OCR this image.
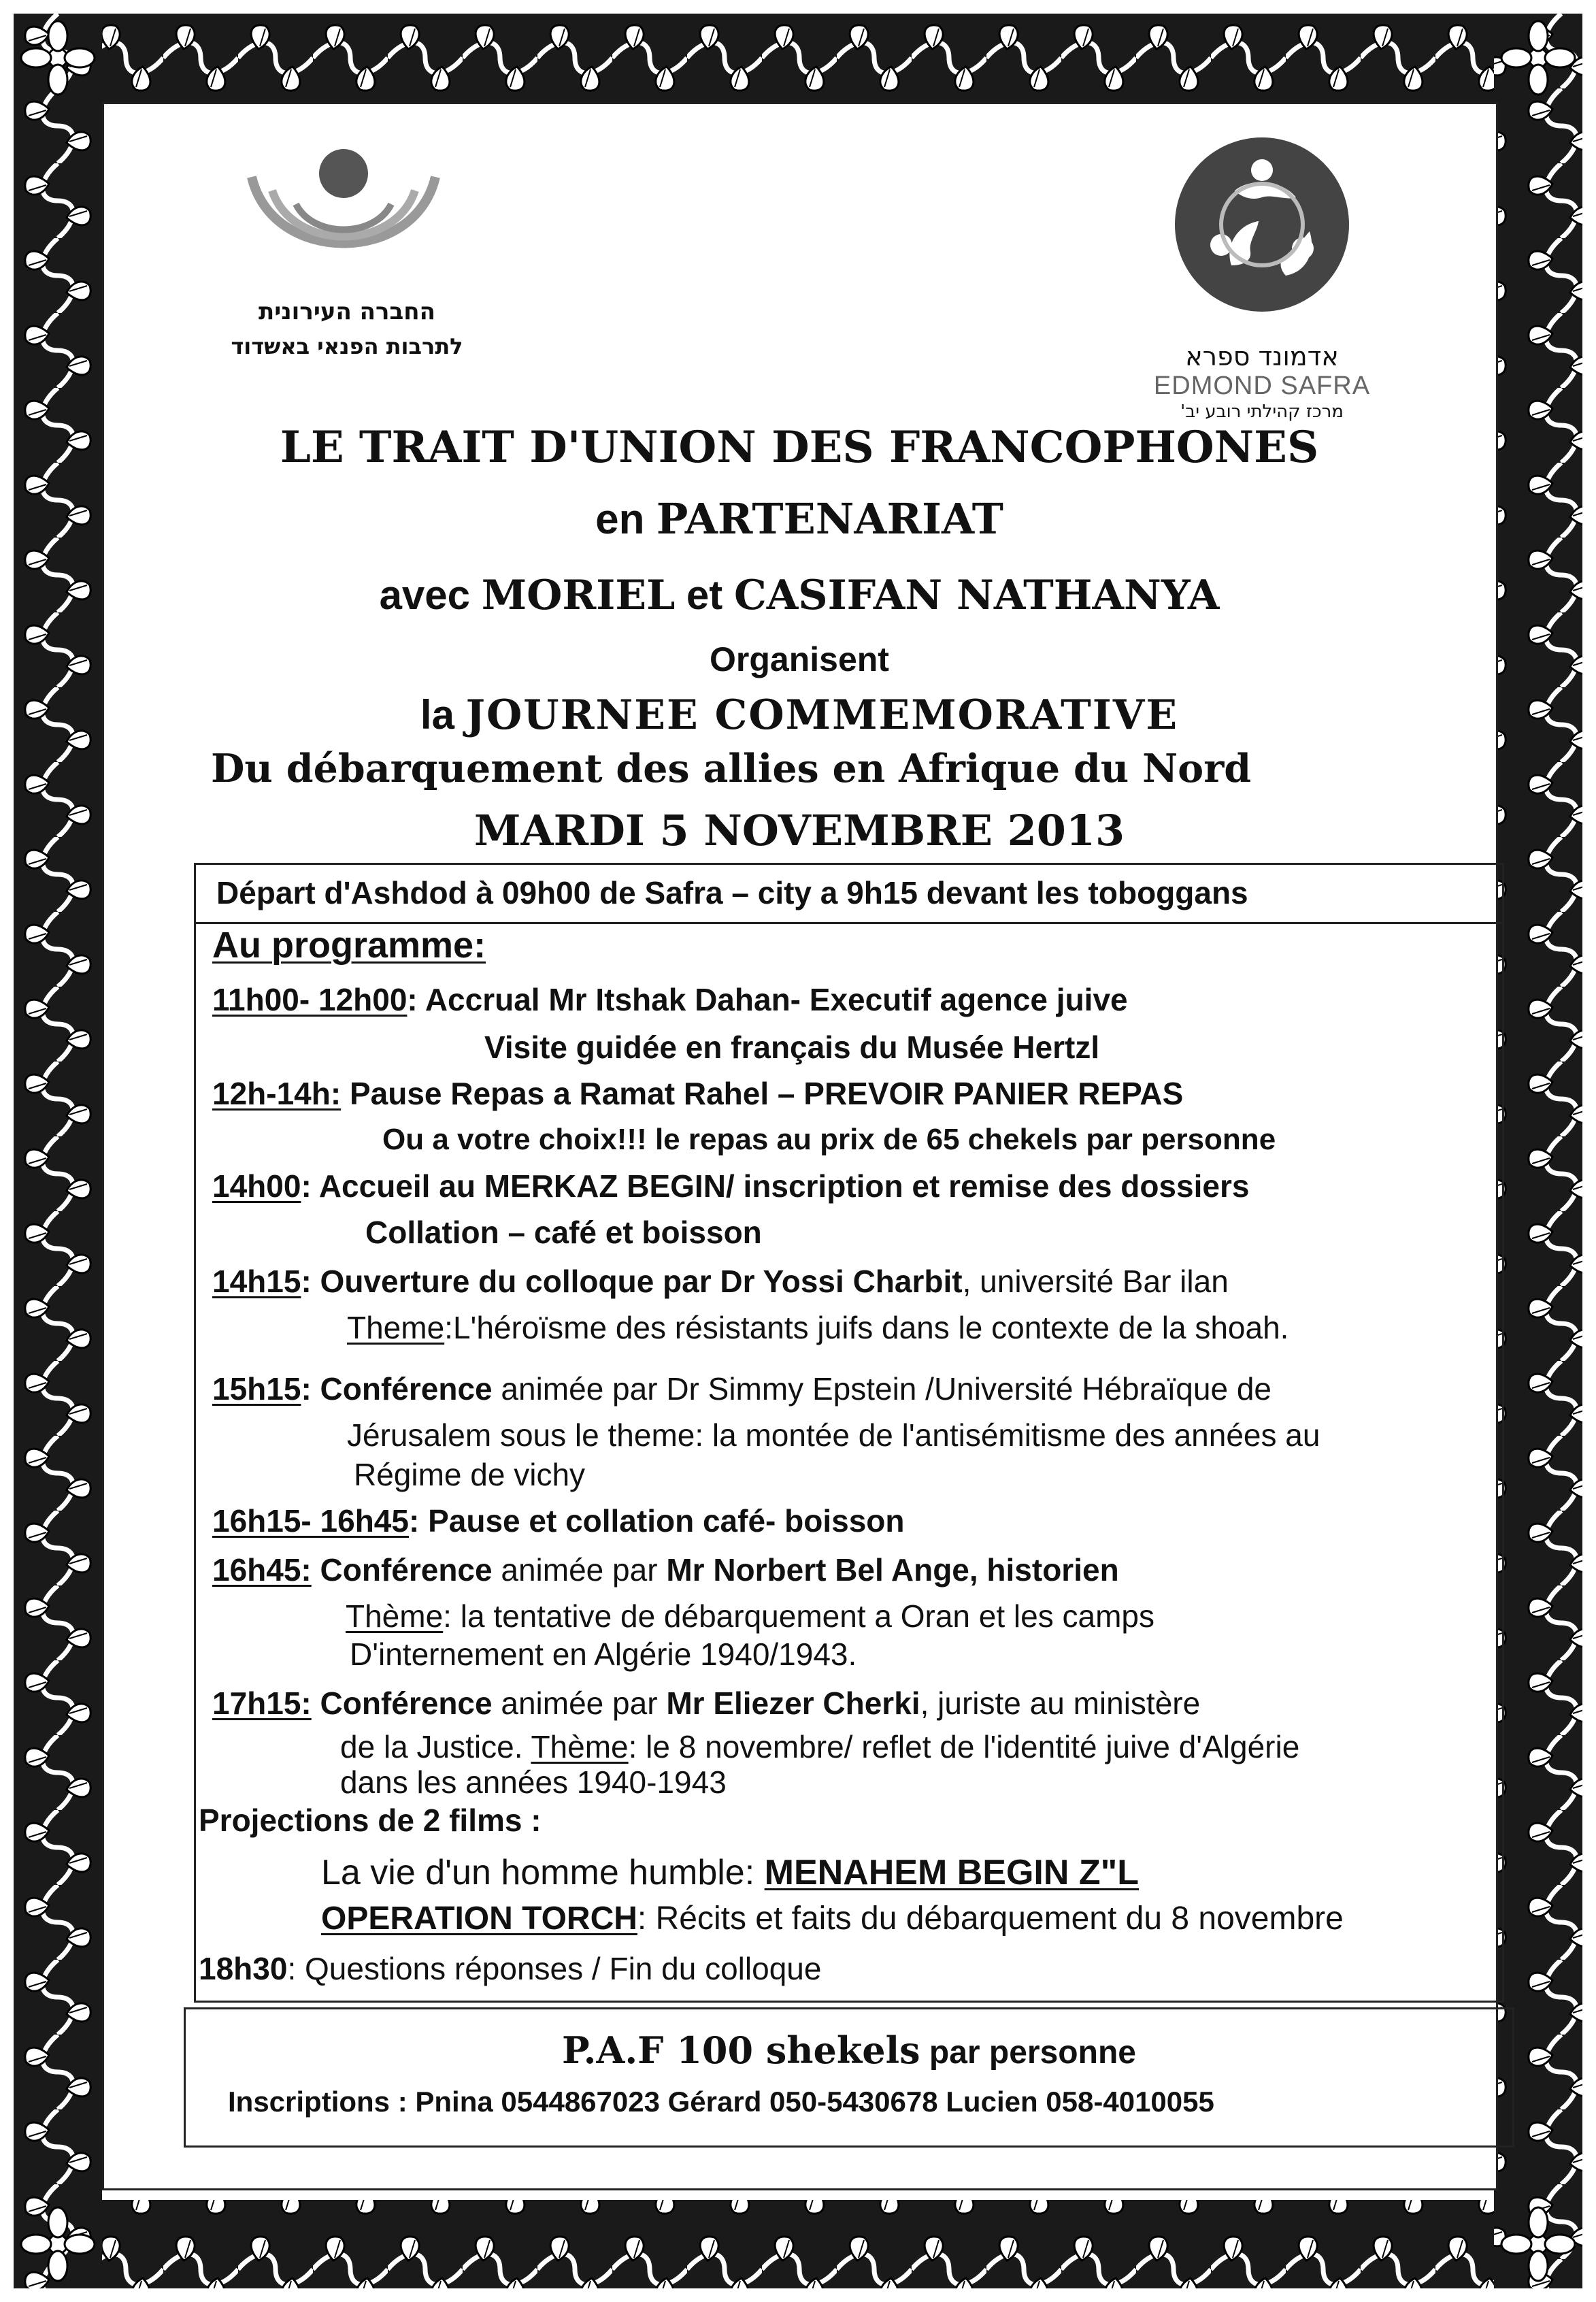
החברה העירונית
לתרבות הפנאי באשדוד	אדמונד ספרא
EDMOND SAFRA
מרכז קהילתי רובע יב'
LE TRAIT D'UNION DES FRANCOPHONES
en PARTENARIAT
avec MORIEL et CASIFAN NATHANYA
Organisent
la JOURNEE COMMEMORATIVE
Du débarquement des allies en Afrique du Nord
MARDI 5 NOVEMBRE 2013
Départ d'Ashdod à 09h00 de Safra – city a 9h15 devant les toboggans
Au programme:
11h00- 12h00: Accrual Mr Itshak Dahan- Executif agence juive
Visite guidée en français du Musée Hertzl
12h-14h: Pause Repas a Ramat Rahel – PREVOIR PANIER REPAS
Ou a votre choix!!! le repas au prix de 65 chekels par personne
14h00: Accueil au MERKAZ BEGIN/ inscription et remise des dossiers
Collation – café et boisson
14h15: Ouverture du colloque par Dr Yossi Charbit, université Bar ilan
Theme:L'héroïsme des résistants juifs dans le contexte de la shoah.
15h15: Conférence animée par Dr Simmy Epstein /Université Hébraïque de
Jérusalem sous le theme: la montée de l'antisémitisme des années au
Régime de vichy
16h15- 16h45: Pause et collation café- boisson
16h45: Conférence animée par Mr Norbert Bel Ange, historien
Thème: la tentative de débarquement a Oran et les camps
D'internement en Algérie 1940/1943.
17h15: Conférence animée par Mr Eliezer Cherki, juriste au ministère
de la Justice. Thème: le 8 novembre/ reflet de l'identité juive d'Algérie
dans les années 1940-1943
Projections de 2 films :
La vie d'un homme humble: MENAHEM BEGIN Z"L
OPERATION TORCH: Récits et faits du débarquement du 8 novembre
18h30: Questions réponses / Fin du colloque
P.A.F 100 shekels par personne
Inscriptions : Pnina 0544867023 Gérard 050-5430678 Lucien 058-4010055
